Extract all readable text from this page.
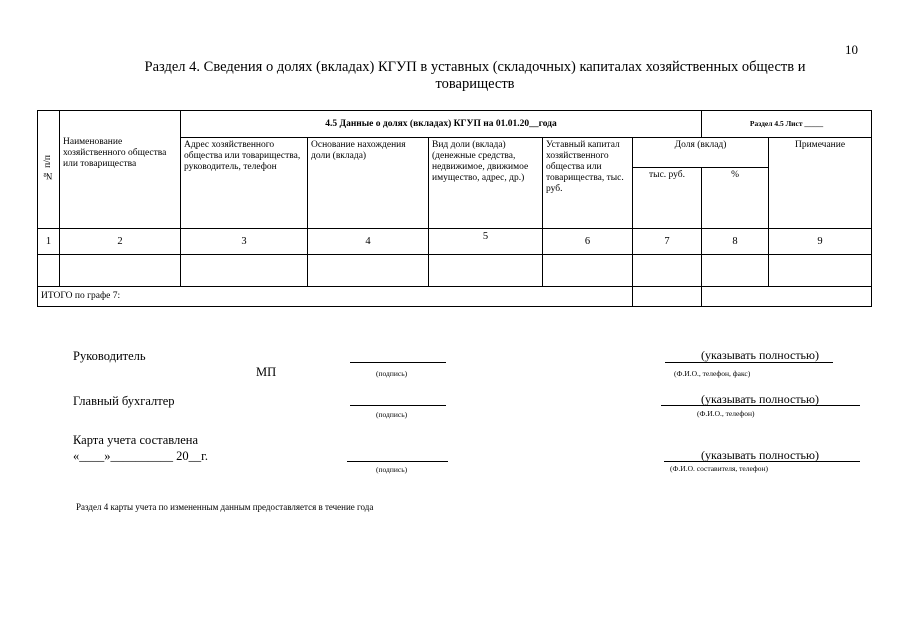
10
Раздел 4. Сведения о долях (вкладах) КГУП в уставных (складочных) капиталах хозяйственных обществ и
товариществ
№ п/п	Наименование хозяйственного общества или товарищества	4.5 Данные о долях (вкладах) КГУП на 01.01.20__года					Раздел 4.5 Лист _____	
		Адрес хозяйственного общества или товарищества, руководитель, телефон	Основание нахождения доли (вклада)	Вид доли (вклада) (денежные средства, недвижимое, движимое имущество, адрес, др.)	Уставный капитал хозяйственного общества или товарищества, тыс. руб.	Доля (вклад)		Примечание
						тыс. руб.	%	
1	2	3	4	5	6	7	8	9

ИТОГО по графе 7:								
Руководитель
МП	(подпись)
(указывать полностью)
(Ф.И.О., телефон, факс)
Главный бухгалтер
(подпись)
(указывать полностью)
(Ф.И.О., телефон)
Карта учета составлена
«____»__________ 20__г.
(подпись)
(указывать полностью)
(Ф.И.О. составителя, телефон)
Раздел 4 карты учета по измененным данным предоставляется в течение года
